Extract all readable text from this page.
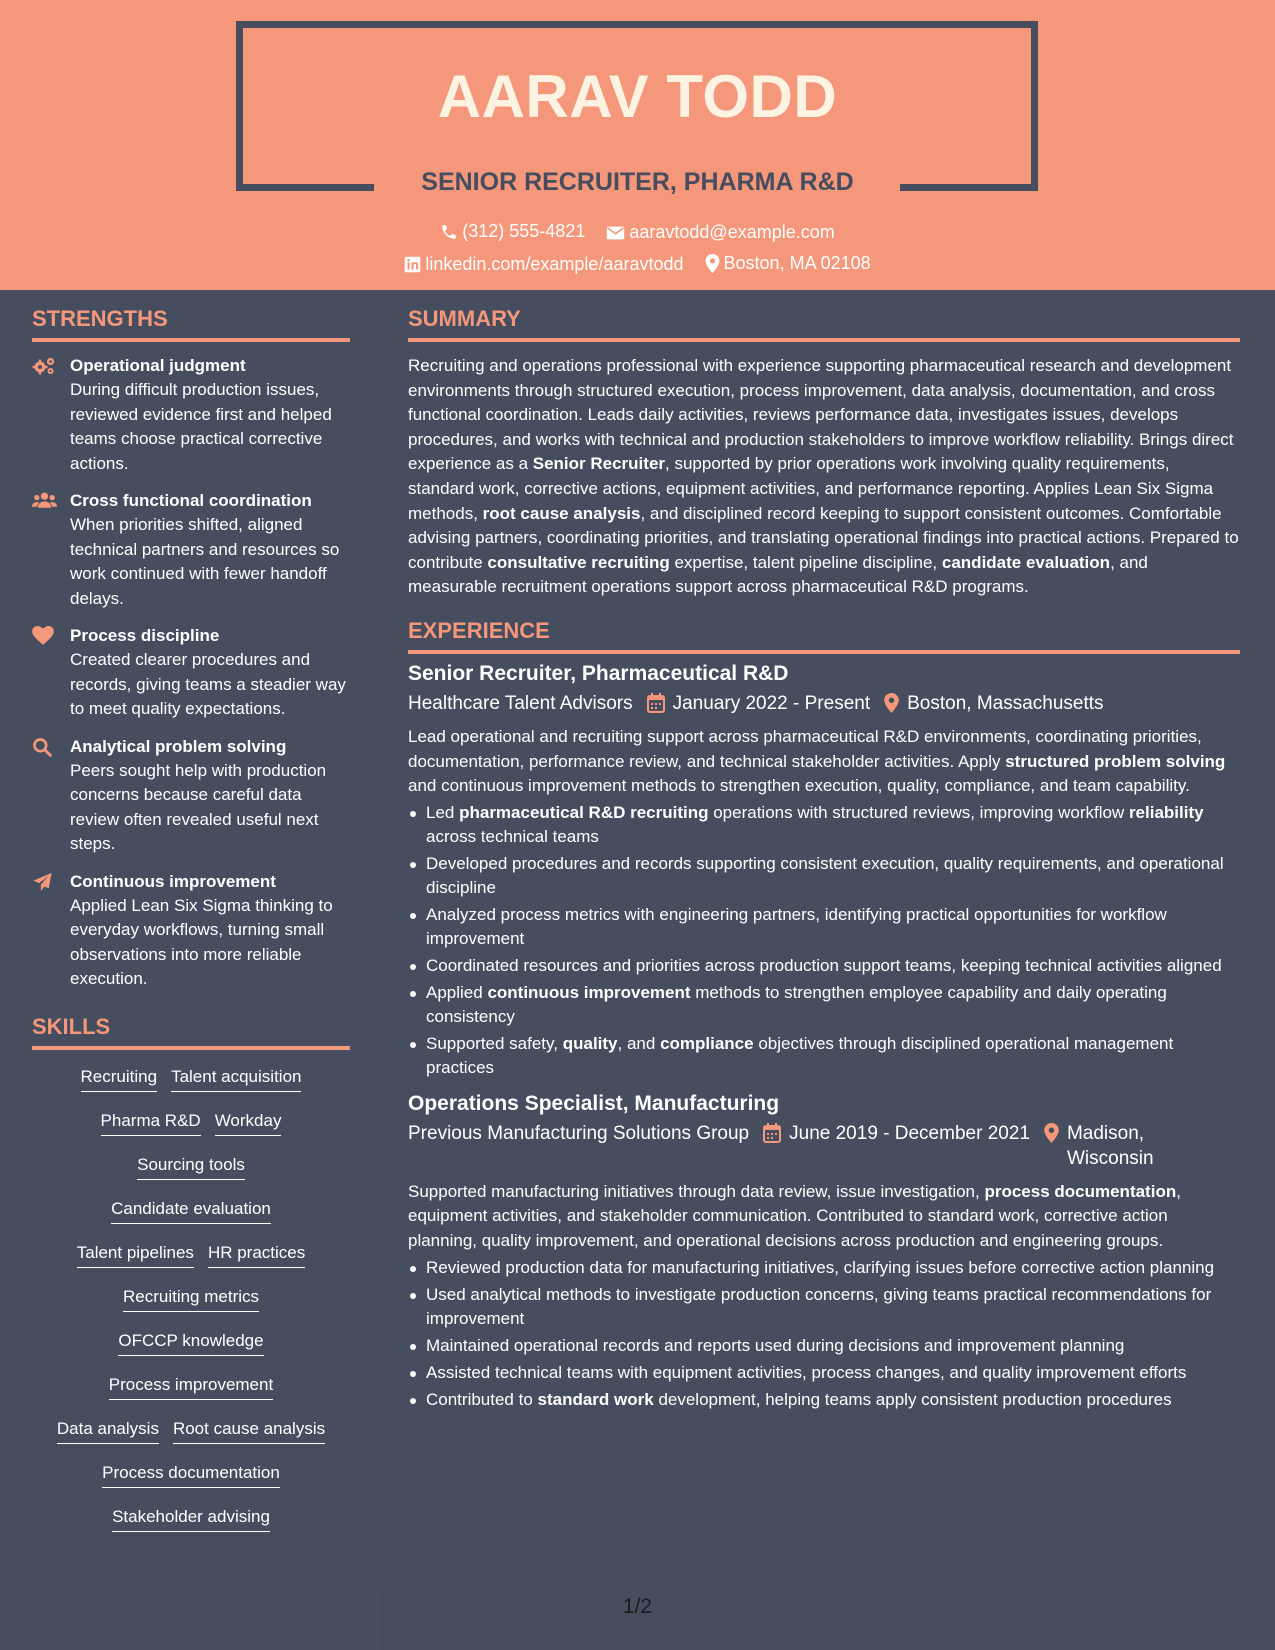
AARAV TODD
SENIOR RECRUITER, PHARMA R&D
(312) 555-4821
aaravtodd@example.com
linkedin.com/example/aaravtodd
Boston, MA 02108
STRENGTHS
Operational judgment
During difficult production issues, reviewed evidence first and helped teams choose practical corrective actions.
Cross functional coordination
When priorities shifted, aligned technical partners and resources so work continued with fewer handoff delays.
Process discipline
Created clearer procedures and records, giving teams a steadier way to meet quality expectations.
Analytical problem solving
Peers sought help with production concerns because careful data review often revealed useful next steps.
Continuous improvement
Applied Lean Six Sigma thinking to everyday workflows, turning small observations into more reliable execution.
SKILLS
Recruiting Talent acquisition
Pharma R&D Workday
Sourcing tools
Candidate evaluation
Talent pipelines HR practices
Recruiting metrics
OFCCP knowledge
Process improvement
Data analysis Root cause analysis
Process documentation
Stakeholder advising
SUMMARY

Recruiting and operations professional with experience supporting pharmaceutical research and development environments through structured execution, process improvement, data analysis, documentation, and cross functional coordination. Leads daily activities, reviews performance data, investigates issues, develops procedures, and works with technical and production stakeholders to improve workflow reliability. Brings direct experience as a Senior Recruiter, supported by prior operations work involving quality requirements, standard work, corrective actions, equipment activities, and performance reporting. Applies Lean Six Sigma methods, root cause analysis, and disciplined record keeping to support consistent outcomes. Comfortable advising partners, coordinating priorities, and translating operational findings into practical actions. Prepared to contribute consultative recruiting expertise, talent pipeline discipline, candidate evaluation, and measurable recruitment operations support across pharmaceutical R&D programs.

EXPERIENCE
Senior Recruiter, Pharmaceutical R&D
Healthcare Talent Advisors January 2022 - Present Boston, Massachusetts

Lead operational and recruiting support across pharmaceutical R&D environments, coordinating priorities, documentation, performance review, and technical stakeholder activities. Apply structured problem solving and continuous improvement methods to strengthen execution, quality, compliance, and team capability.

Led pharmaceutical R&D recruiting operations with structured reviews, improving workflow reliability across technical teams
Developed procedures and records supporting consistent execution, quality requirements, and operational discipline
Analyzed process metrics with engineering partners, identifying practical opportunities for workflow improvement
Coordinated resources and priorities across production support teams, keeping technical activities aligned
Applied continuous improvement methods to strengthen employee capability and daily operating consistency
Supported safety, quality, and compliance objectives through disciplined operational management practices
Operations Specialist, Manufacturing
Previous Manufacturing Solutions Group June 2019 - December 2021 Madison, Wisconsin

Supported manufacturing initiatives through data review, issue investigation, process documentation, equipment activities, and stakeholder communication. Contributed to standard work, corrective action planning, quality improvement, and operational decisions across production and engineering groups.

Reviewed production data for manufacturing initiatives, clarifying issues before corrective action planning
Used analytical methods to investigate production concerns, giving teams practical recommendations for improvement
Maintained operational records and reports used during decisions and improvement planning
Assisted technical teams with equipment activities, process changes, and quality improvement efforts
Contributed to standard work development, helping teams apply consistent production procedures
1/2
